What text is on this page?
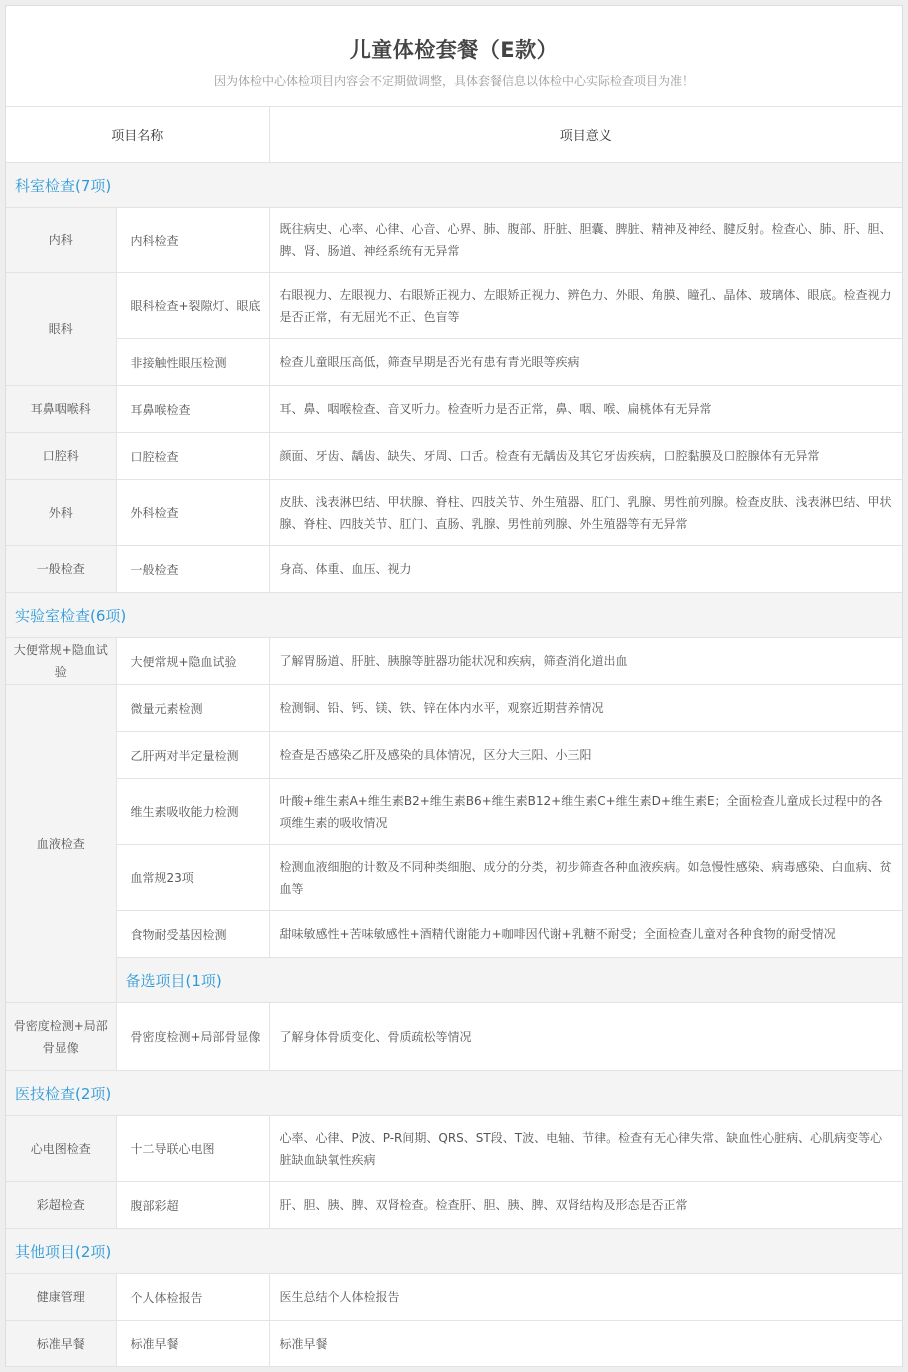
儿童体检套餐（E款）
因为体检中心体检项目内容会不定期做调整，具体套餐信息以体检中心实际检查项目为准！
项目名称		项目意义
科室检查(7项)		
内科	内科检查	既往病史、心率、心律、心音、心界、肺、腹部、肝脏、胆囊、脾脏、精神及神经、腱反射。检查心、肺、肝、胆、脾、肾、肠道、神经系统有无异常
眼科	眼科检查+裂隙灯、眼底	右眼视力、左眼视力、右眼矫正视力、左眼矫正视力、辨色力、外眼、角膜、瞳孔、晶体、玻璃体、眼底。检查视力是否正常，有无屈光不正、色盲等
	非接触性眼压检测	检查儿童眼压高低，筛查早期是否光有患有青光眼等疾病
耳鼻咽喉科	耳鼻喉检查	耳、鼻、咽喉检查、音叉听力。检查听力是否正常，鼻、咽、喉、扁桃体有无异常
口腔科	口腔检查	颜面、牙齿、龋齿、缺失、牙周、口舌。检查有无龋齿及其它牙齿疾病，口腔黏膜及口腔腺体有无异常
外科	外科检查	皮肤、浅表淋巴结、甲状腺、脊柱、四肢关节、外生殖器、肛门、乳腺、男性前列腺。检查皮肤、浅表淋巴结、甲状腺、脊柱、四肢关节、肛门、直肠、乳腺、男性前列腺、外生殖器等有无异常
一般检查	一般检查	身高、体重、血压、视力
实验室检查(6项)		
大便常规+隐血试验	大便常规+隐血试验	了解胃肠道、肝脏、胰腺等脏器功能状况和疾病，筛查消化道出血
血液检查	微量元素检测	检测铜、铅、钙、镁、铁、锌在体内水平，观察近期营养情况
	乙肝两对半定量检测	检查是否感染乙肝及感染的具体情况，区分大三阳、小三阳
	维生素吸收能力检测	叶酸+维生素A+维生素B2+维生素B6+维生素B12+维生素C+维生素D+维生素E；全面检查儿童成长过程中的各项维生素的吸收情况
	血常规23项	检测血液细胞的计数及不同种类细胞、成分的分类，初步筛查各种血液疾病。如急慢性感染、病毒感染、白血病、贫血等
	食物耐受基因检测	甜味敏感性+苦味敏感性+酒精代谢能力+咖啡因代谢+乳糖不耐受；全面检查儿童对各种食物的耐受情况
	备选项目(1项)	
骨密度检测+局部骨显像	骨密度检测+局部骨显像	了解身体骨质变化、骨质疏松等情况
医技检查(2项)		
心电图检查	十二导联心电图	心率、心律、P波、P-R间期、QRS、ST段、T波、电轴、节律。检查有无心律失常、缺血性心脏病、心肌病变等心脏缺血缺氧性疾病
彩超检查	腹部彩超	肝、胆、胰、脾、双肾检查。检查肝、胆、胰、脾、双肾结构及形态是否正常
其他项目(2项)		
健康管理	个人体检报告	医生总结个人体检报告
标准早餐	标准早餐	标准早餐
